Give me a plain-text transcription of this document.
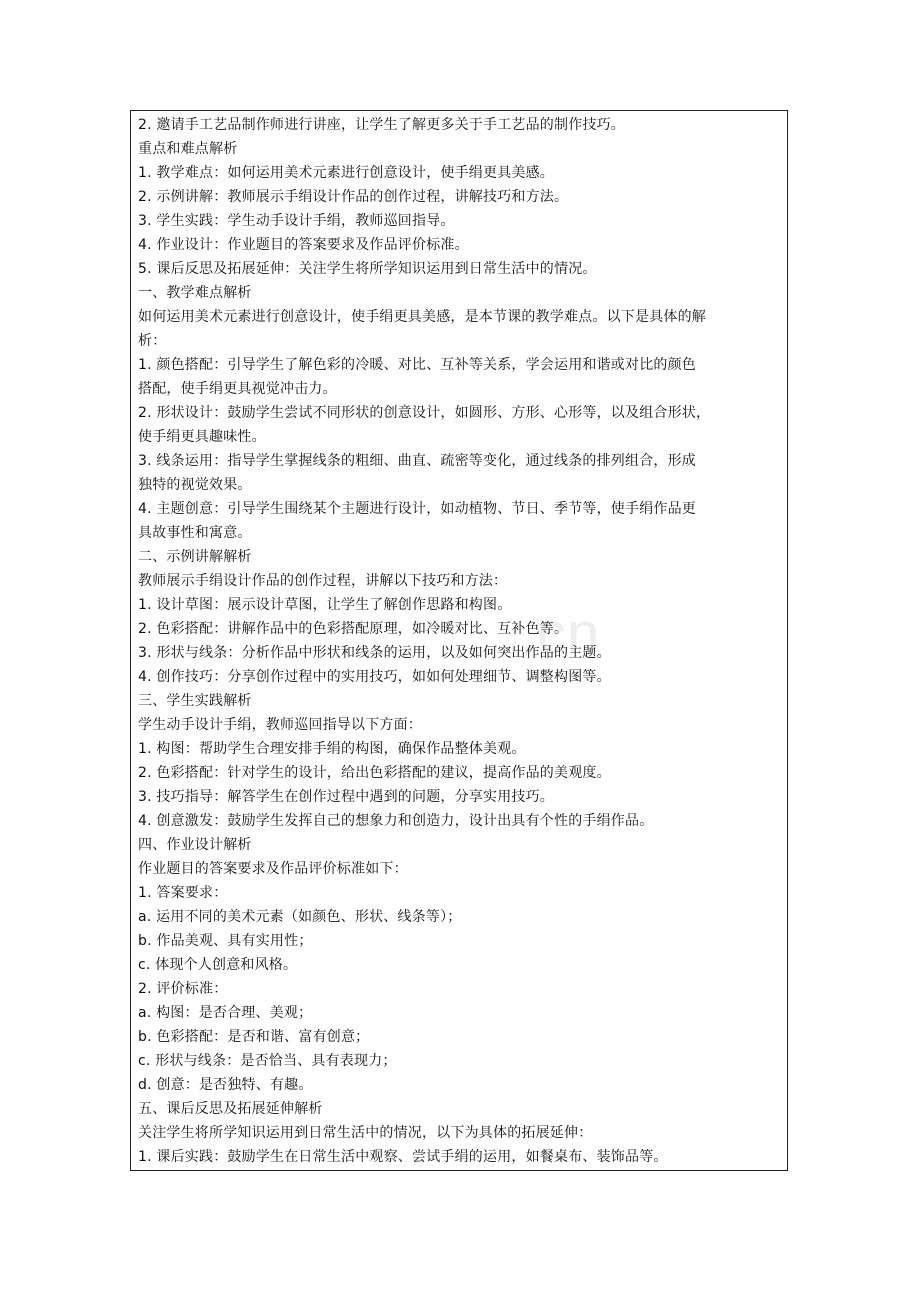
.cn
2. 邀请手工艺品制作师进行讲座，让学生了解更多关于手工艺品的制作技巧。
重点和难点解析
1. 教学难点：如何运用美术元素进行创意设计，使手绢更具美感。
2. 示例讲解：教师展示手绢设计作品的创作过程，讲解技巧和方法。
3. 学生实践：学生动手设计手绢，教师巡回指导。
4. 作业设计：作业题目的答案要求及作品评价标准。
5. 课后反思及拓展延伸：关注学生将所学知识运用到日常生活中的情况。
一、教学难点解析
如何运用美术元素进行创意设计，使手绢更具美感，是本节课的教学难点。以下是具体的解
析：
1. 颜色搭配：引导学生了解色彩的冷暖、对比、互补等关系，学会运用和谐或对比的颜色
搭配，使手绢更具视觉冲击力。
2. 形状设计：鼓励学生尝试不同形状的创意设计，如圆形、方形、心形等，以及组合形状，
使手绢更具趣味性。
3. 线条运用：指导学生掌握线条的粗细、曲直、疏密等变化，通过线条的排列组合，形成
独特的视觉效果。
4. 主题创意：引导学生围绕某个主题进行设计，如动植物、节日、季节等，使手绢作品更
具故事性和寓意。
二、示例讲解解析
教师展示手绢设计作品的创作过程，讲解以下技巧和方法：
1. 设计草图：展示设计草图，让学生了解创作思路和构图。
2. 色彩搭配：讲解作品中的色彩搭配原理，如冷暖对比、互补色等。
3. 形状与线条：分析作品中形状和线条的运用，以及如何突出作品的主题。
4. 创作技巧：分享创作过程中的实用技巧，如如何处理细节、调整构图等。
三、学生实践解析
学生动手设计手绢，教师巡回指导以下方面：
1. 构图：帮助学生合理安排手绢的构图，确保作品整体美观。
2. 色彩搭配：针对学生的设计，给出色彩搭配的建议，提高作品的美观度。
3. 技巧指导：解答学生在创作过程中遇到的问题，分享实用技巧。
4. 创意激发：鼓励学生发挥自己的想象力和创造力，设计出具有个性的手绢作品。
四、作业设计解析
作业题目的答案要求及作品评价标准如下：
1. 答案要求：
a. 运用不同的美术元素（如颜色、形状、线条等）；
b. 作品美观、具有实用性；
c. 体现个人创意和风格。
2. 评价标准：
a. 构图：是否合理、美观；
b. 色彩搭配：是否和谐、富有创意；
c. 形状与线条：是否恰当、具有表现力；
d. 创意：是否独特、有趣。
五、课后反思及拓展延伸解析
关注学生将所学知识运用到日常生活中的情况，以下为具体的拓展延伸：
1. 课后实践：鼓励学生在日常生活中观察、尝试手绢的运用，如餐桌布、装饰品等。
